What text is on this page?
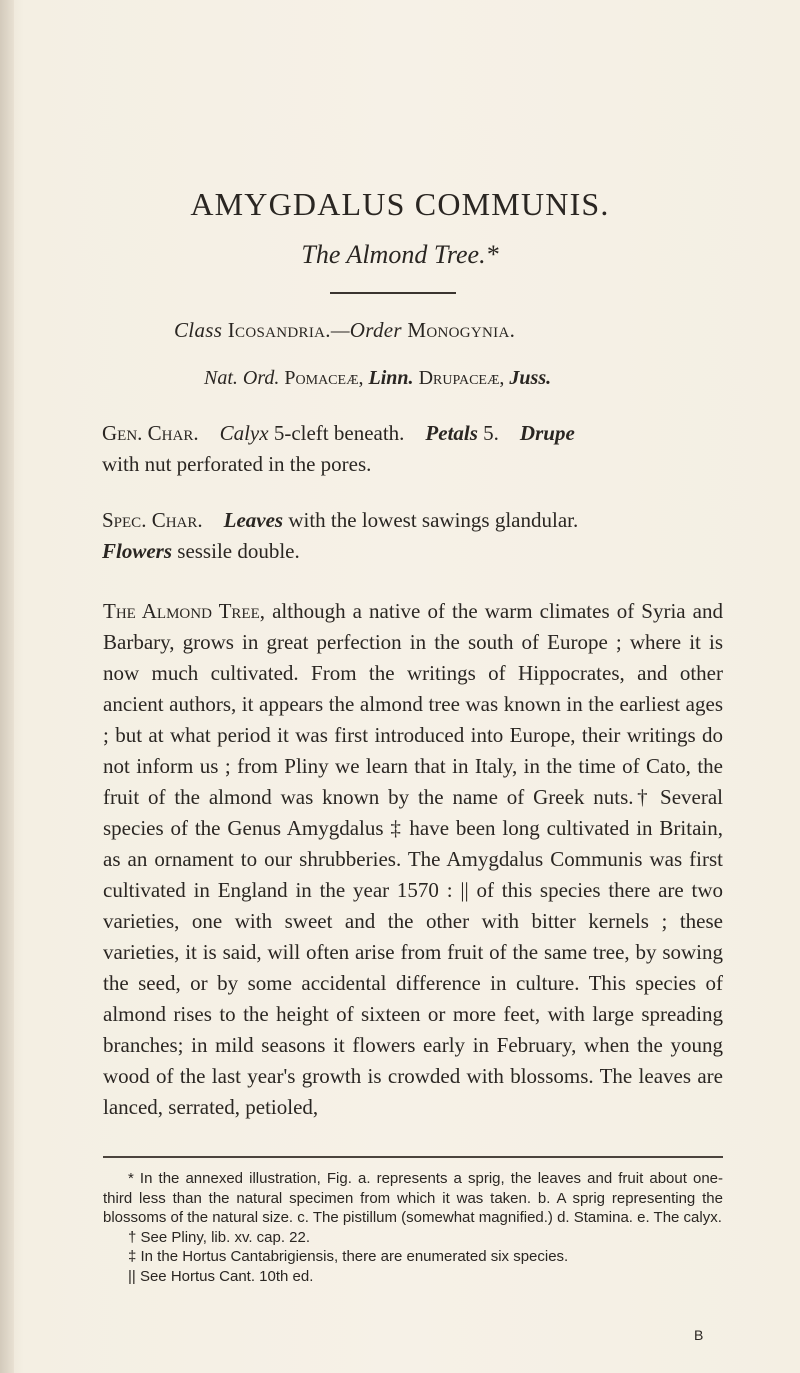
AMYGDALUS COMMUNIS.
The Almond Tree.*
Class Icosandria.—Order Monogynia.
Nat. Ord. Pomaceæ, Linn. Drupaceæ, Juss.
Gen. Char. Calyx 5-cleft beneath. Petals 5. Drupe
with nut perforated in the pores.
Spec. Char. Leaves with the lowest sawings glandular.
Flowers sessile double.

The Almond Tree, although a native of the warm climates of Syria and Barbary, grows in great perfection in the south of Europe ; where it is now much cultivated. From the writings of Hippocrates, and other ancient authors, it appears the almond tree was known in the earliest ages ; but at what period it was first introduced into Europe, their writings do not inform us ; from Pliny we learn that in Italy, in the time of Cato, the fruit of the almond was known by the name of Greek nuts.† Several species of the Genus Amygdalus ‡ have been long cultivated in Britain, as an ornament to our shrubberies. The Amygdalus Communis was first cultivated in England in the year 1570 : || of this species there are two varieties, one with sweet and the other with bitter kernels ; these varieties, it is said, will often arise from fruit of the same tree, by sowing the seed, or by some accidental difference in culture. This species of almond rises to the height of sixteen or more feet, with large spreading branches; in mild seasons it flowers early in February, when the young wood of the last year's growth is crowded with blossoms. The leaves are lanced, serrated, petioled,

* In the annexed illustration, Fig. a. represents a sprig, the leaves and fruit about one-third less than the natural specimen from which it was taken. b. A sprig representing the blossoms of the natural size. c. The pistillum (somewhat magnified.) d. Stamina. e. The calyx.

† See Pliny, lib. xv. cap. 22.

‡ In the Hortus Cantabrigiensis, there are enumerated six species.

|| See Hortus Cant. 10th ed.

B
